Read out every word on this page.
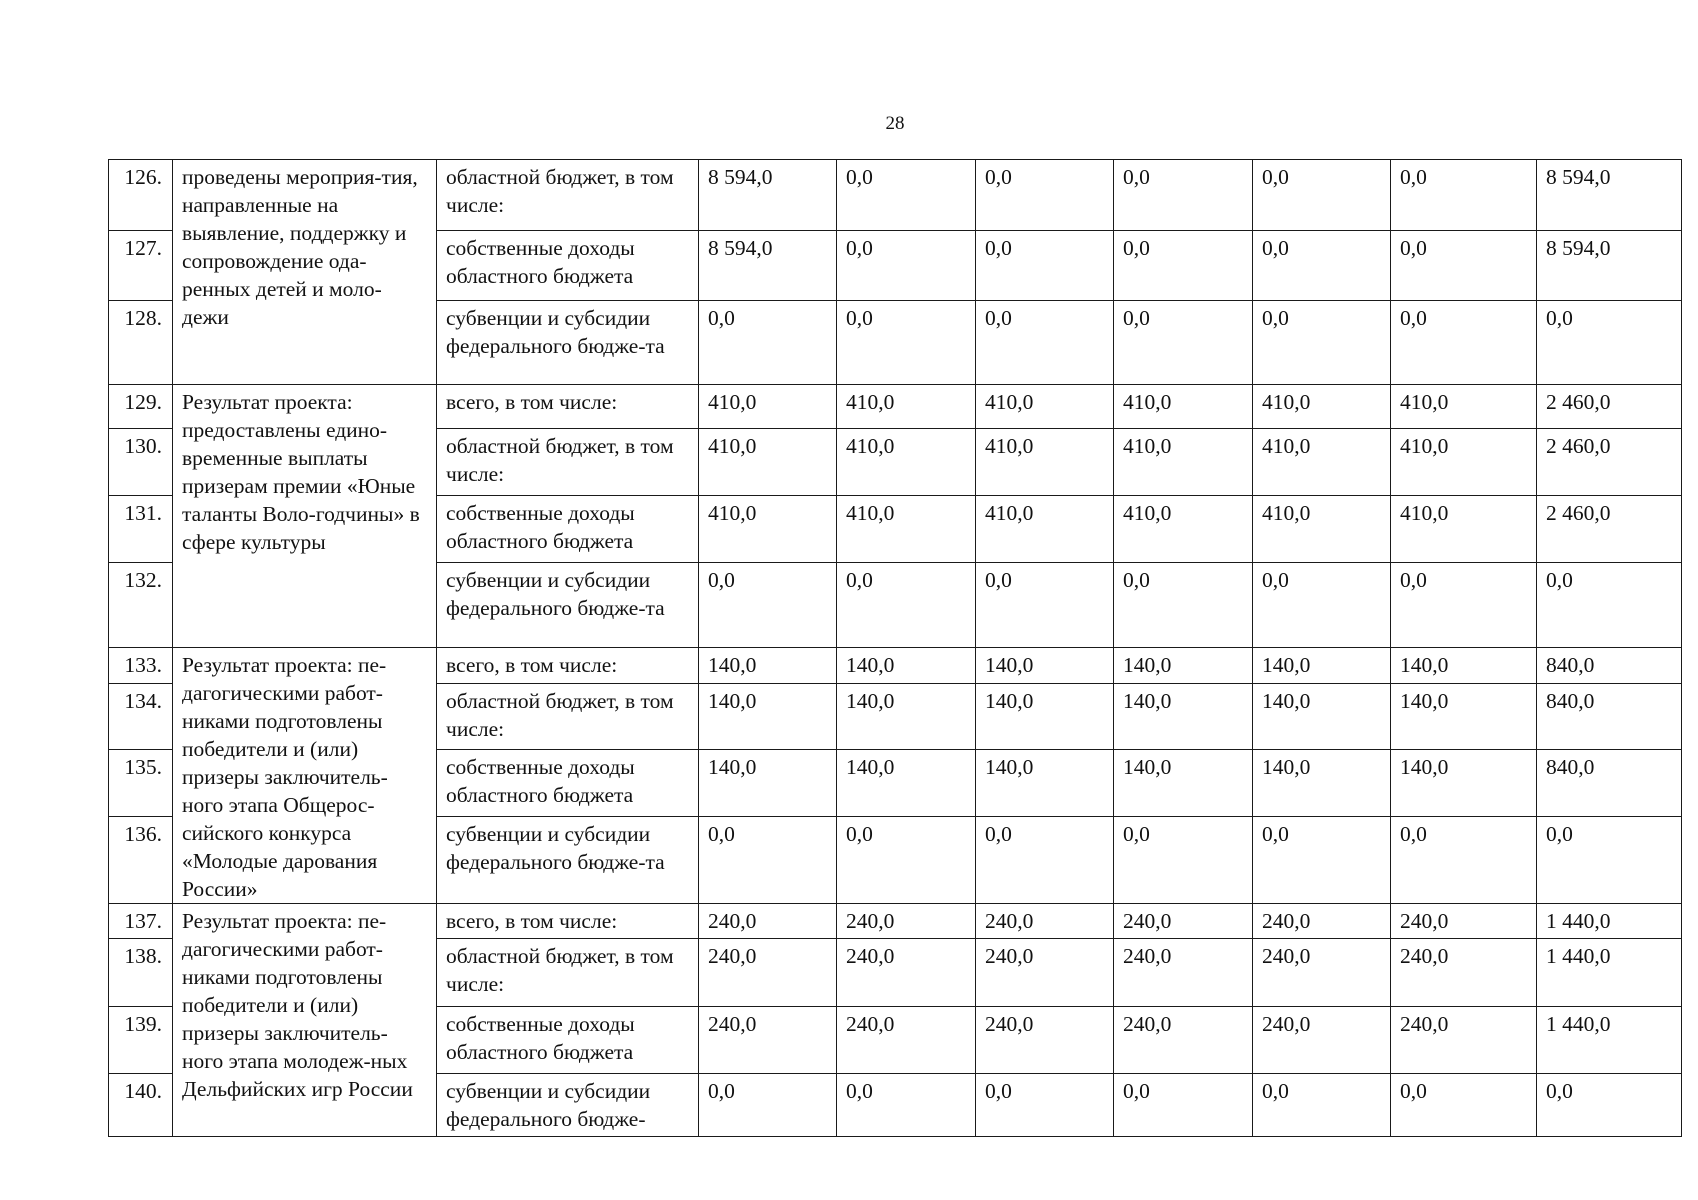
28
126.	проведены мероприя-тия, направленные на выявление, поддержку и сопровождение ода-ренных детей и моло-дежи	областной бюджет, в том числе:	8 594,0	0,0	0,0	0,0	0,0	0,0	8 594,0
127.		собственные доходы областного бюджета	8 594,0	0,0	0,0	0,0	0,0	0,0	8 594,0
128.		субвенции и субсидии федерального бюдже-та	0,0	0,0	0,0	0,0	0,0	0,0	0,0
129.	Результат проекта: предоставлены едино-временные выплаты призерам премии «Юные таланты Воло-годчины» в сфере культуры	всего, в том числе:	410,0	410,0	410,0	410,0	410,0	410,0	2 460,0
130.		областной бюджет, в том числе:	410,0	410,0	410,0	410,0	410,0	410,0	2 460,0
131.		собственные доходы областного бюджета	410,0	410,0	410,0	410,0	410,0	410,0	2 460,0
132.		субвенции и субсидии федерального бюдже-та	0,0	0,0	0,0	0,0	0,0	0,0	0,0
133.	Результат проекта: пе-дагогическими работ-никами подготовлены победители и (или) призеры заключитель-ного этапа Общерос-сийского конкурса «Молодые дарования России»	всего, в том числе:	140,0	140,0	140,0	140,0	140,0	140,0	840,0
134.		областной бюджет, в том числе:	140,0	140,0	140,0	140,0	140,0	140,0	840,0
135.		собственные доходы областного бюджета	140,0	140,0	140,0	140,0	140,0	140,0	840,0
136.		субвенции и субсидии федерального бюдже-та	0,0	0,0	0,0	0,0	0,0	0,0	0,0
137.	Результат проекта: пе-дагогическими работ-никами подготовлены победители и (или) призеры заключитель-ного этапа молодеж-ных Дельфийских игр России	всего, в том числе:	240,0	240,0	240,0	240,0	240,0	240,0	1 440,0
138.		областной бюджет, в том числе:	240,0	240,0	240,0	240,0	240,0	240,0	1 440,0
139.		собственные доходы областного бюджета	240,0	240,0	240,0	240,0	240,0	240,0	1 440,0
140.		субвенции и субсидии федерального бюдже-	0,0	0,0	0,0	0,0	0,0	0,0	0,0
